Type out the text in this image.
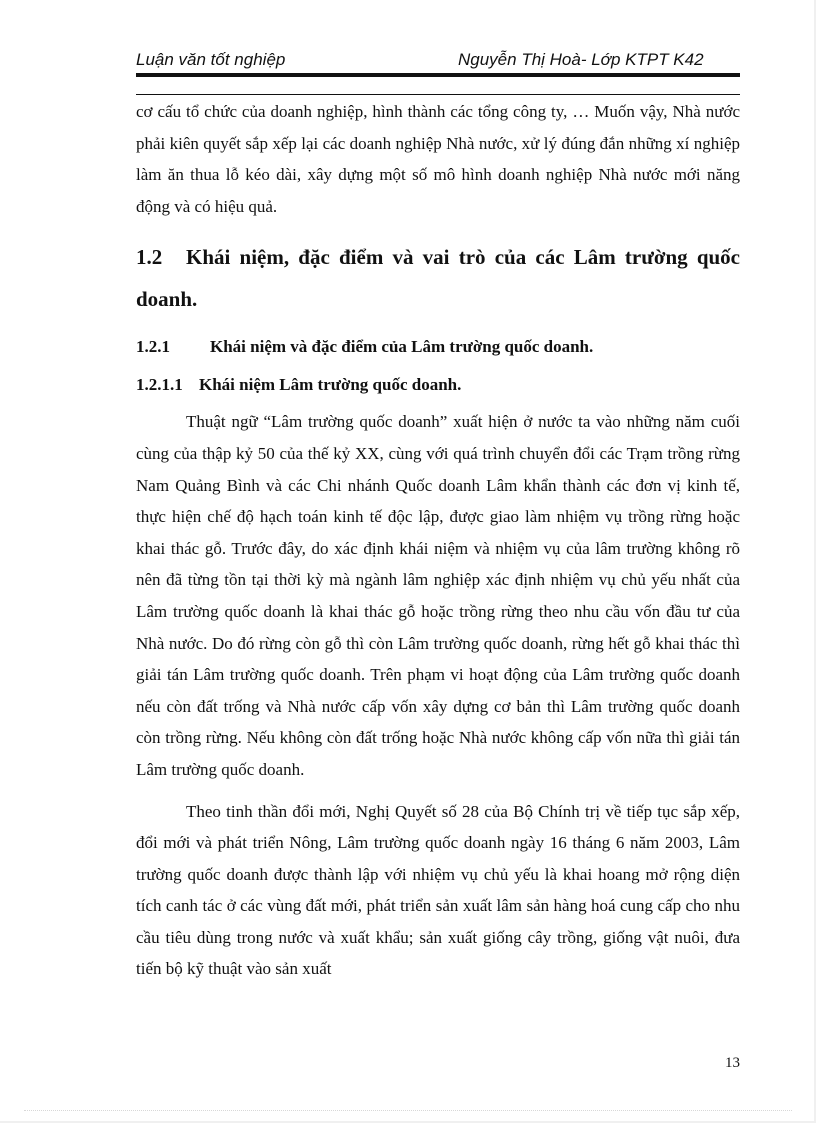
Luận văn tốt nghiệp	Nguyễn Thị Hoà- Lớp KTPT K42

cơ cấu tổ chức của doanh nghiệp, hình thành các tổng công ty, … Muốn vậy, Nhà nước phải kiên quyết sắp xếp lại các doanh nghiệp Nhà nước, xử lý đúng đắn những xí nghiệp làm ăn thua lỗ kéo dài, xây dựng một số mô hình doanh nghiệp Nhà nước mới năng động và có hiệu quả.

1.2 Khái niệm, đặc điểm và vai trò của các Lâm trường quốc doanh.
1.2.1 Khái niệm và đặc điểm của Lâm trường quốc doanh.
1.2.1.1 Khái niệm Lâm trường quốc doanh.

Thuật ngữ “Lâm trường quốc doanh” xuất hiện ở nước ta vào những năm cuối cùng của thập kỷ 50 của thế kỷ XX, cùng với quá trình chuyển đổi các Trạm trồng rừng Nam Quảng Bình và các Chi nhánh Quốc doanh Lâm khẩn thành các đơn vị kinh tế, thực hiện chế độ hạch toán kinh tế độc lập, được giao làm nhiệm vụ trồng rừng hoặc khai thác gỗ. Trước đây, do xác định khái niệm và nhiệm vụ của lâm trường không rõ nên đã từng tồn tại thời kỳ mà ngành lâm nghiệp xác định nhiệm vụ chủ yếu nhất của Lâm trường quốc doanh là khai thác gỗ hoặc trồng rừng theo nhu cầu vốn đầu tư của Nhà nước. Do đó rừng còn gỗ thì còn Lâm trường quốc doanh, rừng hết gỗ khai thác thì giải tán Lâm trường quốc doanh. Trên phạm vi hoạt động của Lâm trường quốc doanh nếu còn đất trống và Nhà nước cấp vốn xây dựng cơ bản thì Lâm trường quốc doanh còn trồng rừng. Nếu không còn đất trống hoặc Nhà nước không cấp vốn nữa thì giải tán Lâm trường quốc doanh.

Theo tinh thần đổi mới, Nghị Quyết số 28 của Bộ Chính trị về tiếp tục sắp xếp, đổi mới và phát triển Nông, Lâm trường quốc doanh ngày 16 tháng 6 năm 2003, Lâm trường quốc doanh được thành lập với nhiệm vụ chủ yếu là khai hoang mở rộng diện tích canh tác ở các vùng đất mới, phát triển sản xuất lâm sản hàng hoá cung cấp cho nhu cầu tiêu dùng trong nước và xuất khẩu; sản xuất giống cây trồng, giống vật nuôi, đưa tiến bộ kỹ thuật vào sản xuất

13
